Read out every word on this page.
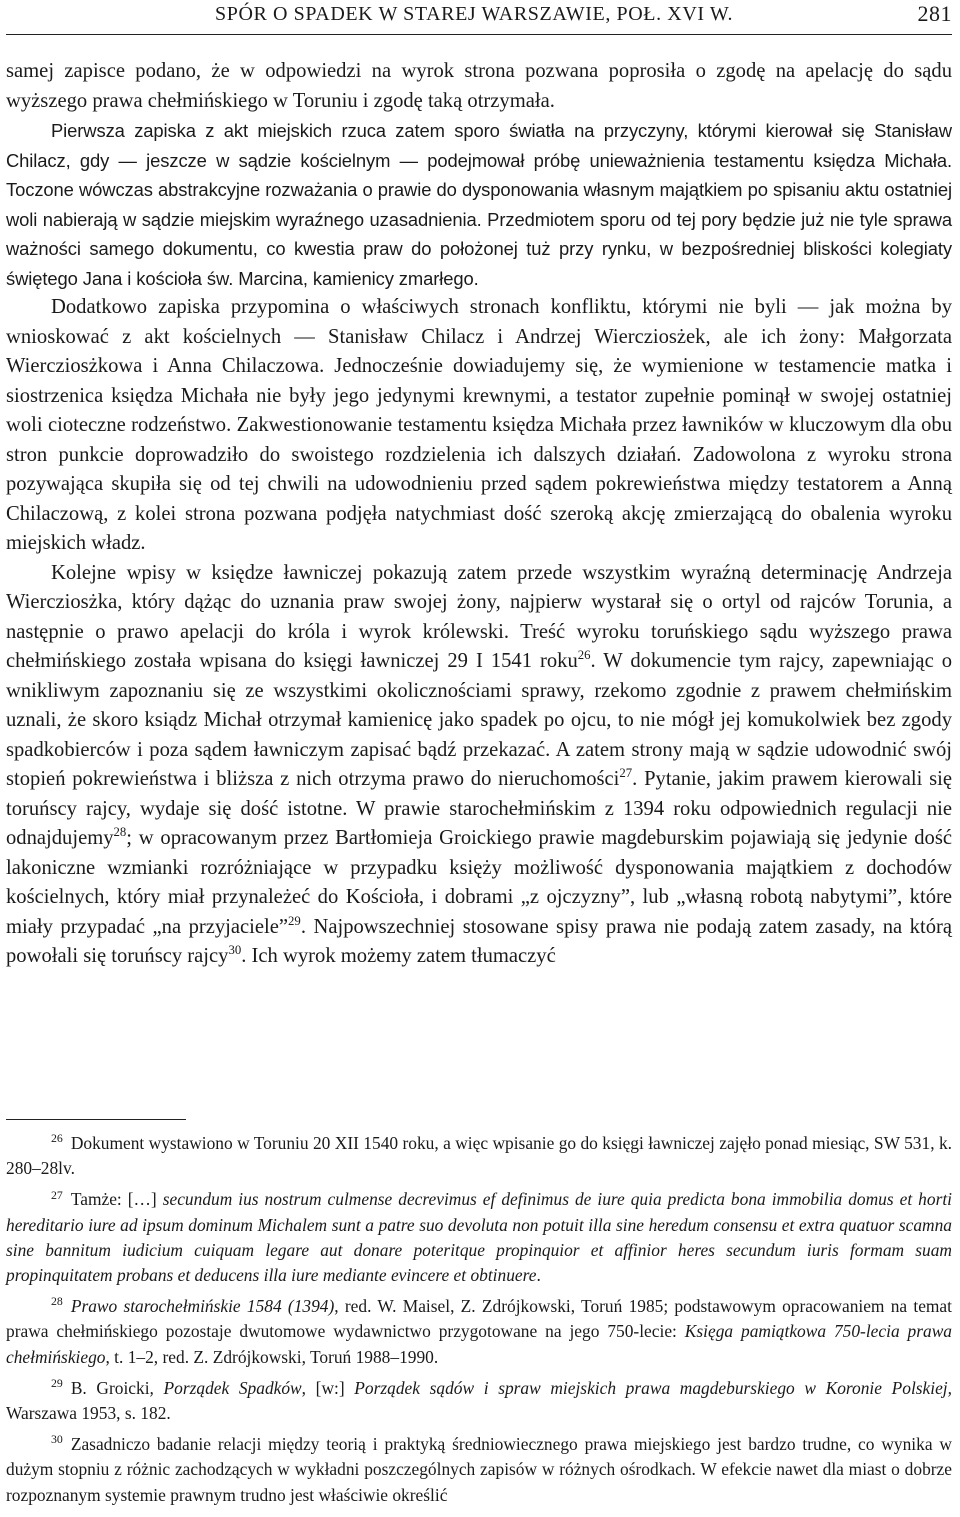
SPÓR O SPADEK W STAREJ WARSZAWIE, POŁ. XVI W.	281

samej zapisce podano, że w odpowiedzi na wyrok strona pozwana poprosiła o zgodę na apelację do sądu wyższego prawa chełmińskiego w Toruniu i zgodę taką otrzymała.

Pierwsza zapiska z akt miejskich rzuca zatem sporo światła na przyczyny, którymi kierował się Stanisław Chilacz, gdy — jeszcze w sądzie kościelnym — podejmował próbę unieważnienia testamentu księdza Michała. Toczone wówczas abstrakcyjne rozważania o prawie do dysponowania własnym majątkiem po spisaniu aktu ostatniej woli nabierają w sądzie miejskim wyraźnego uzasadnienia. Przedmiotem sporu od tej pory będzie już nie tyle sprawa ważności samego dokumentu, co kwestia praw do położonej tuż przy rynku, w bezpośredniej bliskości kolegiaty świętego Jana i kościoła św. Marcina, kamienicy zmarłego.

Dodatkowo zapiska przypomina o właściwych stronach konfliktu, którymi nie byli — jak można by wnioskować z akt kościelnych — Stanisław Chilacz i Andrzej Wiercziosżek, ale ich żony: Małgorzata Wiercziosżkowa i Anna Chilaczowa. Jednocześnie dowiadujemy się, że wymienione w testamencie matka i siostrzenica księdza Michała nie były jego jedynymi krewnymi, a testator zupełnie pominął w swojej ostatniej woli cioteczne rodzeństwo. Zakwestionowanie testamentu księdza Michała przez ławników w kluczowym dla obu stron punkcie doprowadziło do swoistego rozdzielenia ich dalszych działań. Zadowolona z wyroku strona pozywająca skupiła się od tej chwili na udowodnieniu przed sądem pokrewieństwa między testatorem a Anną Chilaczową, z kolei strona pozwana podjęła natychmiast dość szeroką akcję zmierzającą do obalenia wyroku miejskich władz.

Kolejne wpisy w księdze ławniczej pokazują zatem przede wszystkim wyraźną determinację Andrzeja Wiercziosżka, który dążąc do uznania praw swojej żony, najpierw wystarał się o ortyl od rajców Torunia, a następnie o prawo apelacji do króla i wyrok królewski. Treść wyroku toruńskiego sądu wyższego prawa chełmińskiego została wpisana do księgi ławniczej 29 I 1541 roku$^{26}$. W dokumencie tym rajcy, zapewniając o wnikliwym zapoznaniu się ze wszystkimi okolicznościami sprawy, rzekomo zgodnie z prawem chełmińskim uznali, że skoro ksiądz Michał otrzymał kamienicę jako spadek po ojcu, to nie mógł jej komukolwiek bez zgody spadkobierców i poza sądem ławniczym zapisać bądź przekazać. A zatem strony mają w sądzie udowodnić swój stopień pokrewieństwa i bliższa z nich otrzyma prawo do nieruchomości$^{27}$. Pytanie, jakim prawem kierowali się toruńscy rajcy, wydaje się dość istotne. W prawie starochełmińskim z 1394 roku odpowiednich regulacji nie odnajdujemy$^{28}$; w opracowanym przez Bartłomieja Groickiego prawie magdeburskim pojawiają się jedynie dość lakoniczne wzmianki rozróżniające w przypadku księży możliwość dysponowania majątkiem z dochodów kościelnych, który miał przynależeć do Kościoła, i dobrami „z ojczyzny”, lub „własną robotą nabytymi”, które miały przypadać „na przyjaciele”$^{29}$. Najpowszechniej stosowane spisy prawa nie podają zatem zasady, na którą powołali się toruńscy rajcy$^{30}$. Ich wyrok możemy zatem tłumaczyć

$^{26}$ Dokument wystawiono w Toruniu 20 XII 1540 roku, a więc wpisanie go do księgi ławniczej zajęło ponad miesiąc, SW 531, k. 280–28lv.

$^{27}$ Tamże: […] secundum ius nostrum culmense decrevimus ef definimus de iure quia predicta bona immobilia domus et horti hereditario iure ad ipsum dominum Michalem sunt a patre suo devoluta non potuit illa sine heredum consensu et extra quatuor scamna sine bannitum iudicium cuiquam legare aut donare poteritque propinquior et affinior heres secundum iuris formam suam propinquitatem probans et deducens illa iure mediante evincere et obtinuere.

$^{28}$ Prawo starochełmińskie 1584 (1394), red. W. Maisel, Z. Zdrójkowski, Toruń 1985; podstawowym opracowaniem na temat prawa chełmińskiego pozostaje dwutomowe wydawnictwo przygotowane na jego 750-lecie: Księga pamiątkowa 750-lecia prawa chełmińskiego, t. 1–2, red. Z. Zdrójkowski, Toruń 1988–1990.

$^{29}$ B. Groicki, Porządek Spadków, [w:] Porządek sądów i spraw miejskich prawa magdeburskiego w Koronie Polskiej, Warszawa 1953, s. 182.

$^{30}$ Zasadniczo badanie relacji między teorią i praktyką średniowiecznego prawa miejskiego jest bardzo trudne, co wynika w dużym stopniu z różnic zachodzących w wykładni poszczególnych zapisów w różnych ośrodkach. W efekcie nawet dla miast o dobrze rozpoznanym systemie prawnym trudno jest właściwie określić
